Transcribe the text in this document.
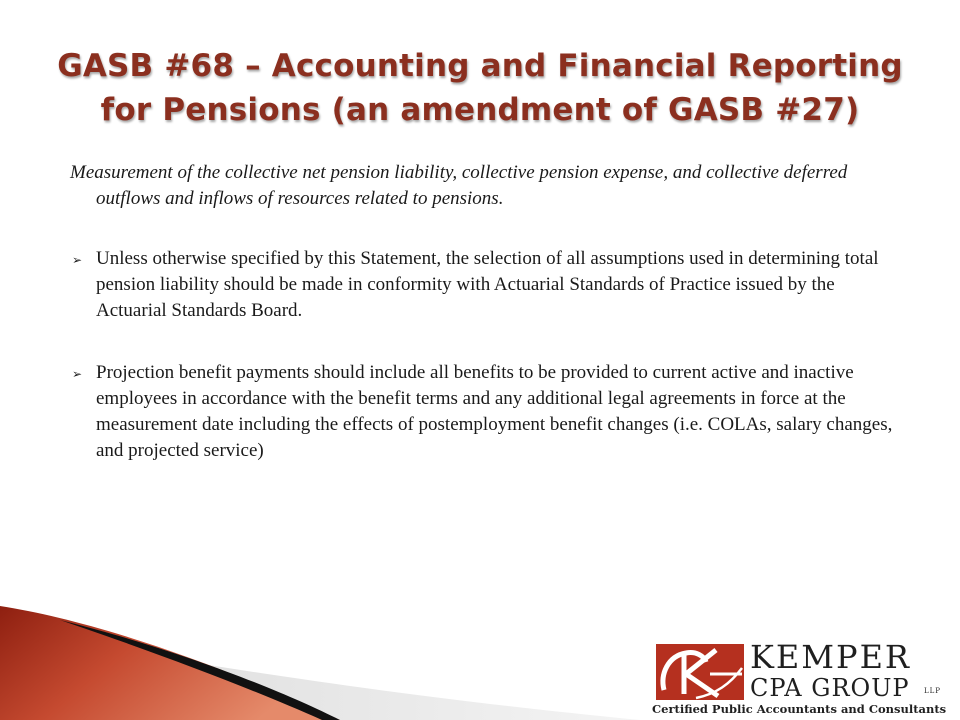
GASB #68 – Accounting and Financial Reporting for Pensions (an amendment of GASB #27)

Measurement of the collective net pension liability, collective pension expense, and collective deferred outflows and inflows of resources related to pensions.

➢ Unless otherwise specified by this Statement, the selection of all assumptions used in determining total pension liability should be made in conformity with Actuarial Standards of Practice issued by the Actuarial Standards Board.
➢ Projection benefit payments should include all benefits to be provided to current active and inactive employees in accordance with the benefit terms and any additional legal agreements in force at the measurement date including the effects of postemployment benefit changes (i.e. COLAs, salary changes, and projected service)
KEMPER
CPA GROUP LLP
Certified Public Accountants and Consultants
